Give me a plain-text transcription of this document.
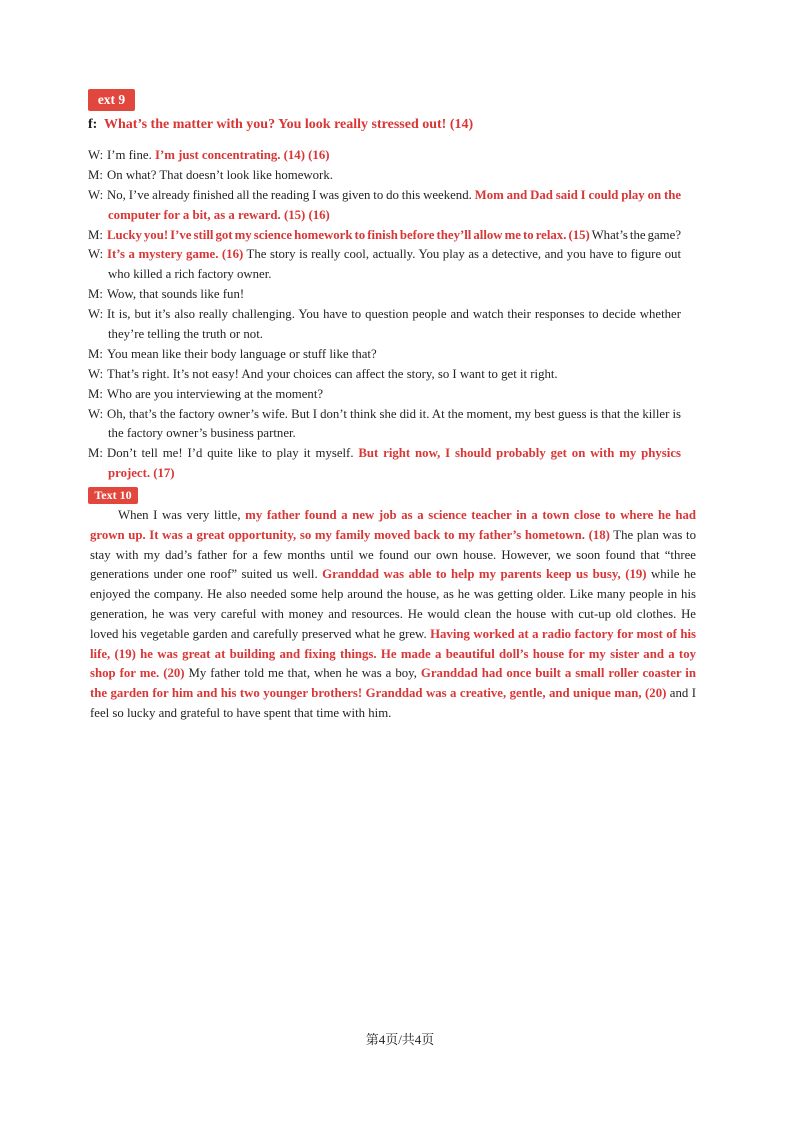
ext 9
f: What’s the matter with you? You look really stressed out! (14)
W: I’m fine. I’m just concentrating. (14) (16)
M: On what? That doesn’t look like homework.
W: No, I’ve already finished all the reading I was given to do this weekend. Mom and Dad said I could play on the
computer for a bit, as a reward. (15) (16)
M: Lucky you! I’ve still got my science homework to finish before they’ll allow me to relax. (15) What’s the game?
W: It’s a mystery game. (16) The story is really cool, actually. You play as a detective, and you have to figure out
who killed a rich factory owner.
M: Wow, that sounds like fun!
W: It is, but it’s also really challenging. You have to question people and watch their responses to decide whether
they’re telling the truth or not.
M: You mean like their body language or stuff like that?
W: That’s right. It’s not easy! And your choices can affect the story, so I want to get it right.
M: Who are you interviewing at the moment?
W: Oh, that’s the factory owner’s wife. But I don’t think she did it. At the moment, my best guess is that the killer is
the factory owner’s business partner.
M: Don’t tell me! I’d quite like to play it myself. But right now, I should probably get on with my physics
project. (17)
Text 10
When I was very little, my father found a new job as a science teacher in a town close to where he had
grown up. It was a great opportunity, so my family moved back to my father’s hometown. (18) The plan was to
stay with my dad’s father for a few months until we found our own house. However, we soon found that “three
generations under one roof” suited us well. Granddad was able to help my parents keep us busy, (19) while he
enjoyed the company. He also needed some help around the house, as he was getting older. Like many people in his
generation, he was very careful with money and resources. He would clean the house with cut-up old clothes. He
loved his vegetable garden and carefully preserved what he grew. Having worked at a radio factory for most of his
life, (19) he was great at building and fixing things. He made a beautiful doll’s house for my sister and a toy
shop for me. (20) My father told me that, when he was a boy, Granddad had once built a small roller coaster in
the garden for him and his two younger brothers! Granddad was a creative, gentle, and unique man, (20) and I
feel so lucky and grateful to have spent that time with him.
第4页/共4页
